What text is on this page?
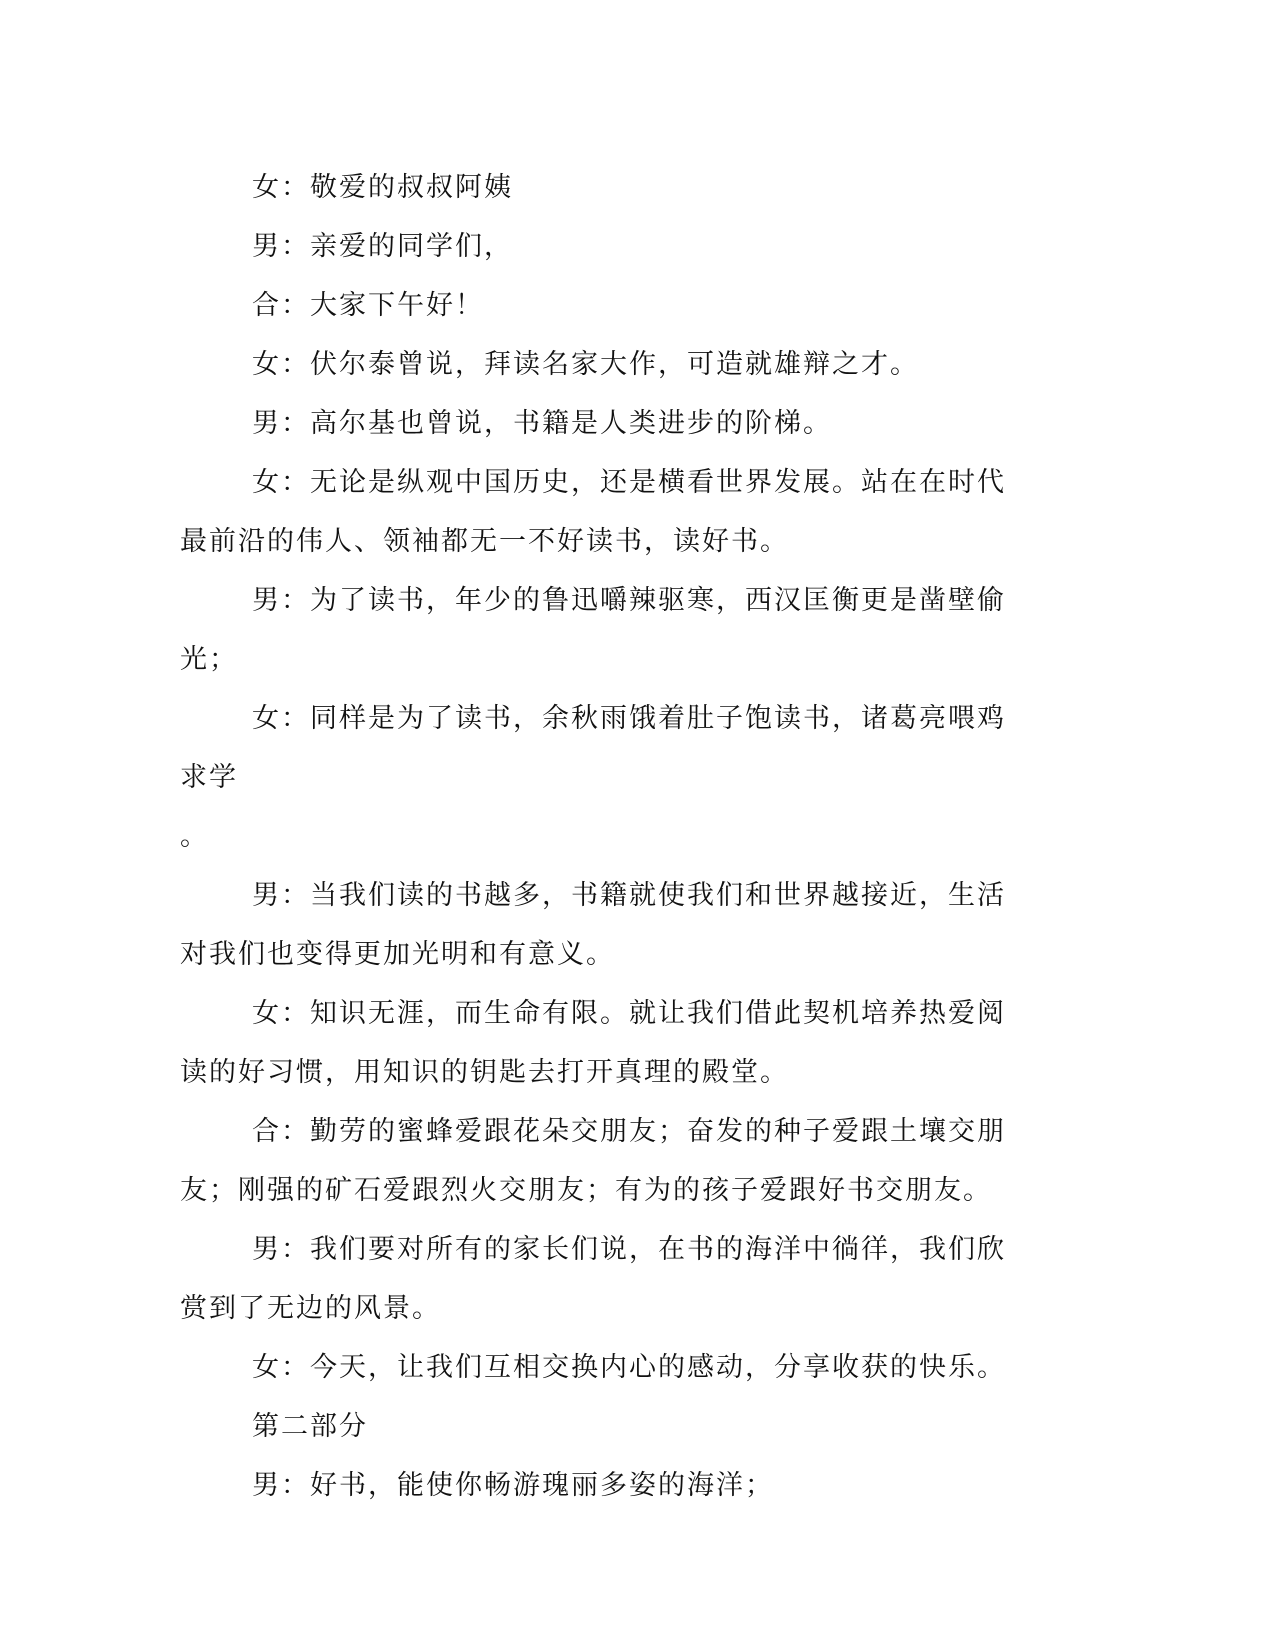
女：敬爱的叔叔阿姨

男：亲爱的同学们，

合：大家下午好！

女：伏尔泰曾说，拜读名家大作，可造就雄辩之才。

男：高尔基也曾说，书籍是人类进步的阶梯。

女：无论是纵观中国历史，还是横看世界发展。站在在时代最前沿的伟人、领袖都无一不好读书，读好书。

男：为了读书，年少的鲁迅嚼辣驱寒，西汉匡衡更是凿壁偷光；

女：同样是为了读书，余秋雨饿着肚子饱读书，诸葛亮喂鸡求学

。

男：当我们读的书越多，书籍就使我们和世界越接近，生活对我们也变得更加光明和有意义。

女：知识无涯，而生命有限。就让我们借此契机培养热爱阅读的好习惯，用知识的钥匙去打开真理的殿堂。

合：勤劳的蜜蜂爱跟花朵交朋友；奋发的种子爱跟土壤交朋友；刚强的矿石爱跟烈火交朋友；有为的孩子爱跟好书交朋友。

男：我们要对所有的家长们说，在书的海洋中徜徉，我们欣赏到了无边的风景。

女：今天，让我们互相交换内心的感动，分享收获的快乐。

第二部分

男：好书，能使你畅游瑰丽多姿的海洋；
